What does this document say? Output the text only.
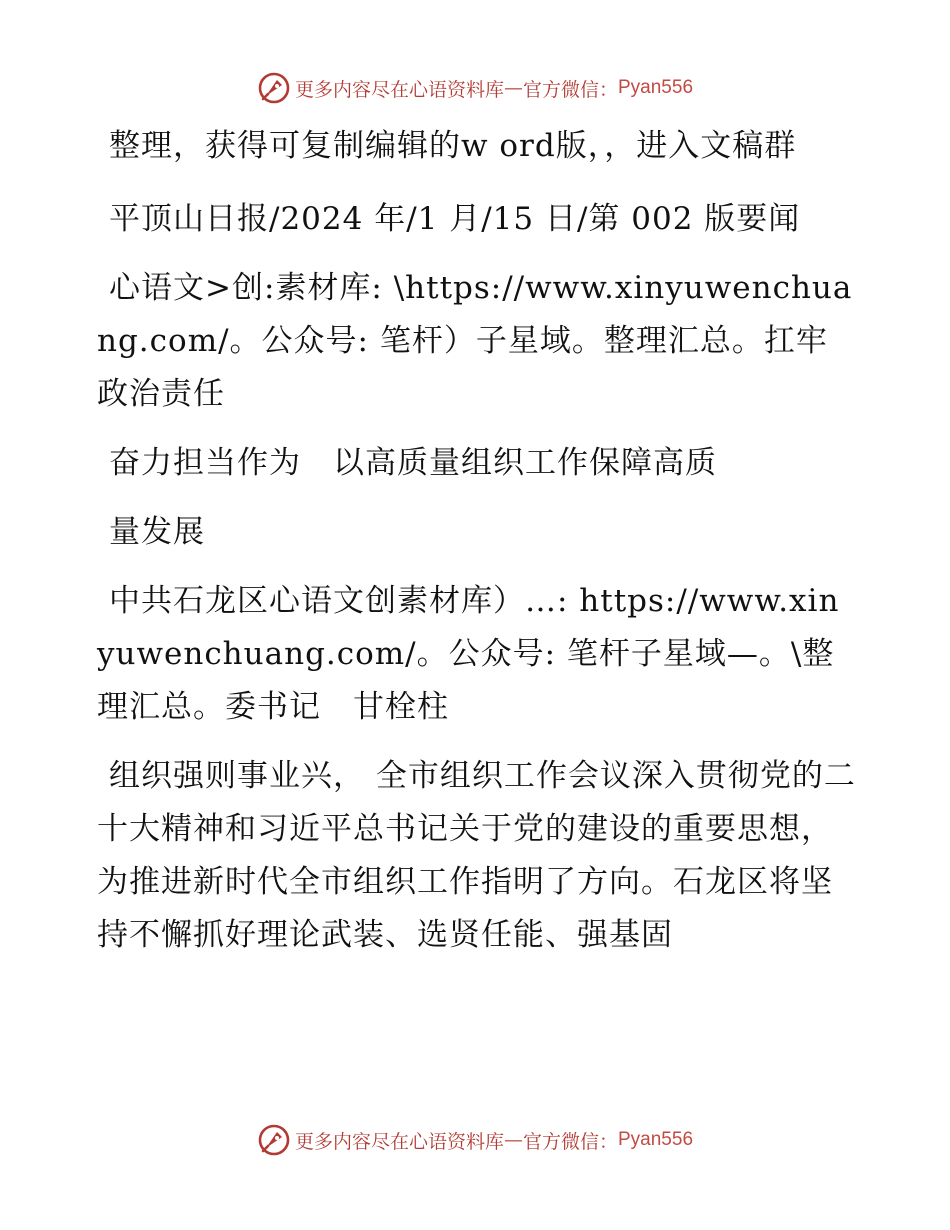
更多内容尽在心语资料库 — 官方微信： Pyan556

整理，获得可复制编辑的w ord版，，进入文稿群

平顶山日报/2024 年/1 月/15 日/第 002 版要闻

心语文>创:素材库: \https://www.xinyuwenchuang.com/。公众号: 笔杆）子星域。整理汇总。扛牢政治责任

奋力担当作为　以高质量组织工作保障高质

量发展

中共石龙区心语文创素材库）…: https://www.xinyuwenchuang.com/。公众号: 笔杆子星域—。\整理汇总。委书记　甘栓柱

组织强则事业兴， 全市组织工作会议深入贯彻党的二十大精神和习近平总书记关于党的建设的重要思想，为推进新时代全市组织工作指明了方向。石龙区将坚持不懈抓好理论武装、选贤任能、强基固

更多内容尽在心语资料库 — 官方微信： Pyan556
